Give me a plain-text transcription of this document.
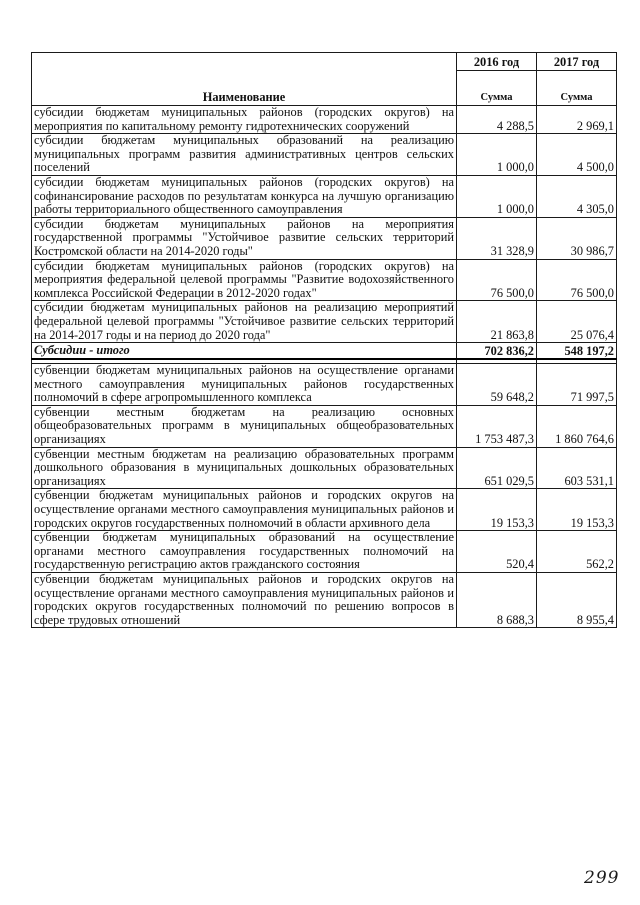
Наименование	2016 год	2017 год
	Сумма	Сумма
субсидии бюджетам муниципальных районов (городских округов) на мероприятия по капитальному ремонту гидротехнических сооружений	4 288,5	2 969,1
субсидии бюджетам муниципальных образований на реализацию муниципальных программ развития административных центров сельских поселений	1 000,0	4 500,0
субсидии бюджетам муниципальных районов (городских округов) на софинансирование расходов по результатам конкурса на лучшую организацию работы территориального общественного самоуправления	1 000,0	4 305,0
субсидии бюджетам муниципальных районов на мероприятия государственной программы "Устойчивое развитие сельских территорий Костромской области на 2014-2020 годы"	31 328,9	30 986,7
субсидии бюджетам муниципальных районов (городских округов) на мероприятия федеральной целевой программы "Развитие водохозяйственного комплекса Российской Федерации в 2012-2020 годах"	76 500,0	76 500,0
субсидии бюджетам муниципальных районов на реализацию мероприятий федеральной целевой программы "Устойчивое развитие сельских территорий на 2014-2017 годы и на период до 2020 года"	21 863,8	25 076,4
Субсидии - итого	702 836,2	548 197,2

субвенции бюджетам муниципальных районов на осуществление органами местного самоуправления муниципальных районов государственных полномочий в сфере агропромышленного комплекса	59 648,2	71 997,5
субвенции местным бюджетам на реализацию основных общеобразовательных программ в муниципальных общеобразовательных организациях	1 753 487,3	1 860 764,6
субвенции местным бюджетам на реализацию образовательных программ дошкольного образования в муниципальных дошкольных образовательных организациях	651 029,5	603 531,1
субвенции бюджетам муниципальных районов и городских округов на осуществление органами местного самоуправления муниципальных районов и городских округов государственных полномочий в области архивного дела	19 153,3	19 153,3
субвенции бюджетам муниципальных образований на осуществление органами местного самоуправления государственных полномочий на государственную регистрацию актов гражданского состояния	520,4	562,2
субвенции бюджетам муниципальных районов и городских округов на осуществление органами местного самоуправления муниципальных районов и городских округов государственных полномочий по решению вопросов в сфере трудовых отношений	8 688,3	8 955,4
299
